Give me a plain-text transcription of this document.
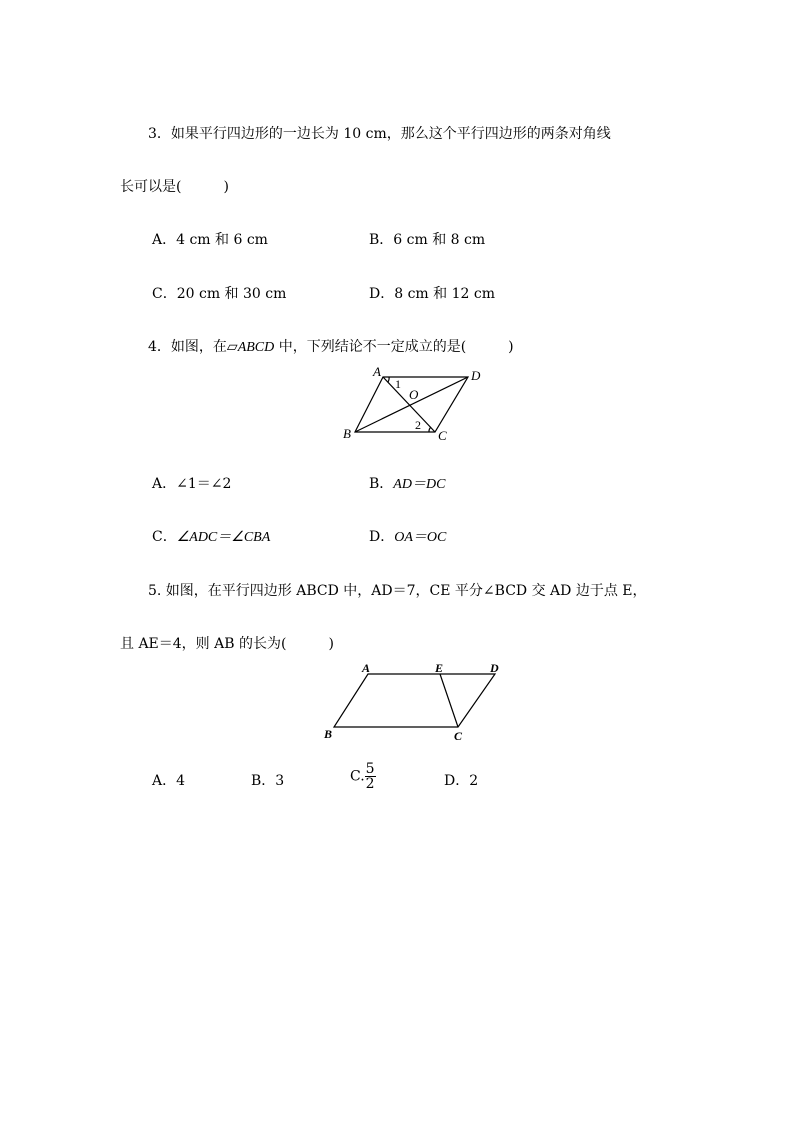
3．如果平行四边形的一边长为 10 cm，那么这个平行四边形的两条对角线
长可以是(　　　)
A．4 cm 和 6 cm	B．6 cm 和 8 cm
C．20 cm 和 30 cm	D．8 cm 和 12 cm
4．如图，在▱ABCD 中，下列结论不一定成立的是(　　　)
A	D
B	C
O
1
2
A．∠1＝∠2	B．AD＝DC
C．∠ADC＝∠CBA	D．OA＝OC
5. 如图，在平行四边形 ABCD 中，AD＝7，CE 平分∠BCD 交 AD 边于点 E，
且 AE＝4，则 AB 的长为(　　　)
A	E	D
B	C
A．4	B．3	C. $\frac{5}{2}$	D．2
